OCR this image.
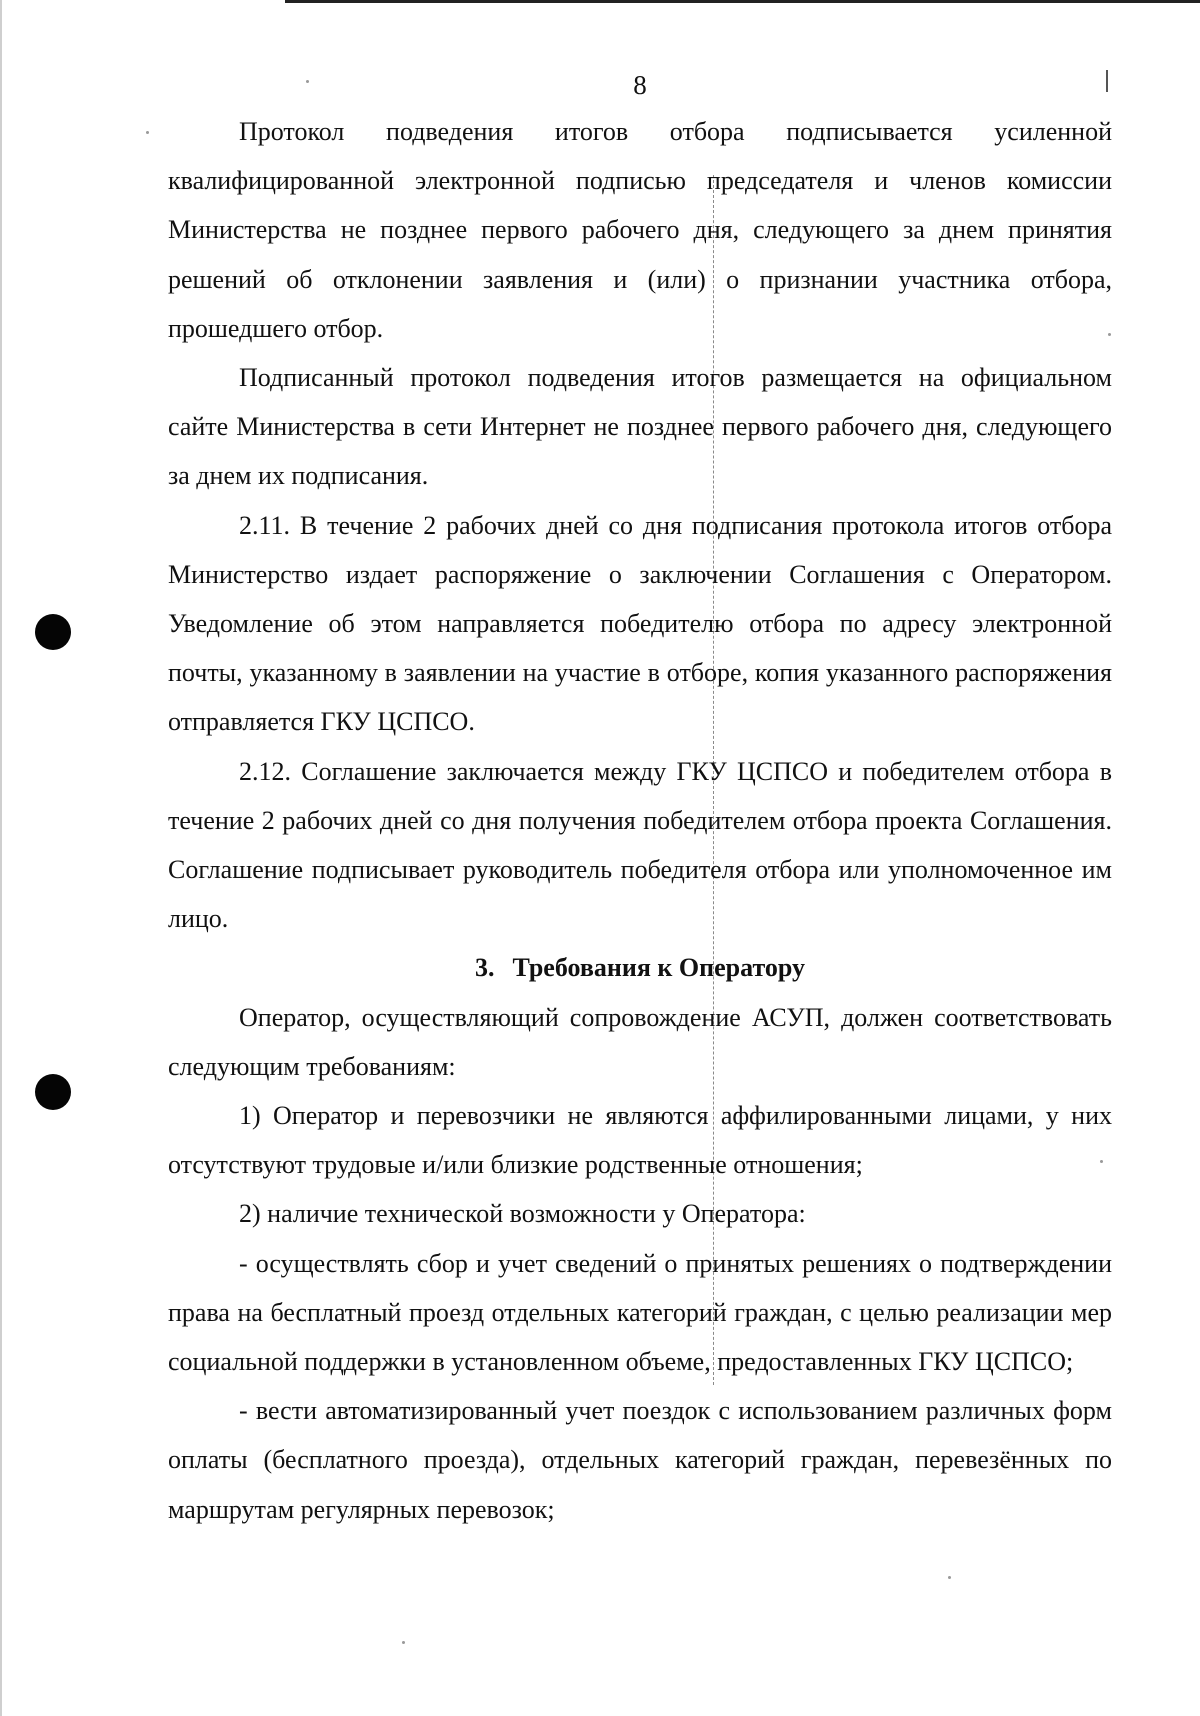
8

Протокол подведения итогов отбора подписывается усиленной квалифицированной электронной подписью председателя и членов комиссии Министерства не позднее первого рабочего дня, следующего за днем принятия решений об отклонении заявления и (или) о признании участника отбора, прошедшего отбор.

Подписанный протокол подведения итогов размещается на официальном сайте Министерства в сети Интернет не позднее первого рабочего дня, следующего за днем их подписания.

2.11. В течение 2 рабочих дней со дня подписания протокола итогов отбора Министерство издает распоряжение о заключении Соглашения с Оператором. Уведомление об этом направляется победителю отбора по адресу электронной почты, указанному в заявлении на участие в отборе, копия указанного распоряжения отправляется ГКУ ЦСПСО.

2.12. Соглашение заключается между ГКУ ЦСПСО и победителем отбора в течение 2 рабочих дней со дня получения победителем отбора проекта Соглашения. Соглашение подписывает руководитель победителя отбора или уполномоченное им лицо.

3. Требования к Оператору

Оператор, осуществляющий сопровождение АСУП, должен соответствовать следующим требованиям:

1) Оператор и перевозчики не являются аффилированными лицами, у них отсутствуют трудовые и/или близкие родственные отношения;

2) наличие технической возможности у Оператора:

- осуществлять сбор и учет сведений о принятых решениях о подтверждении права на бесплатный проезд отдельных категорий граждан, с целью реализации мер социальной поддержки в установленном объеме, предоставленных ГКУ ЦСПСО;

- вести автоматизированный учет поездок с использованием различных форм оплаты (бесплатного проезда), отдельных категорий граждан, перевезённых по маршрутам регулярных перевозок;
